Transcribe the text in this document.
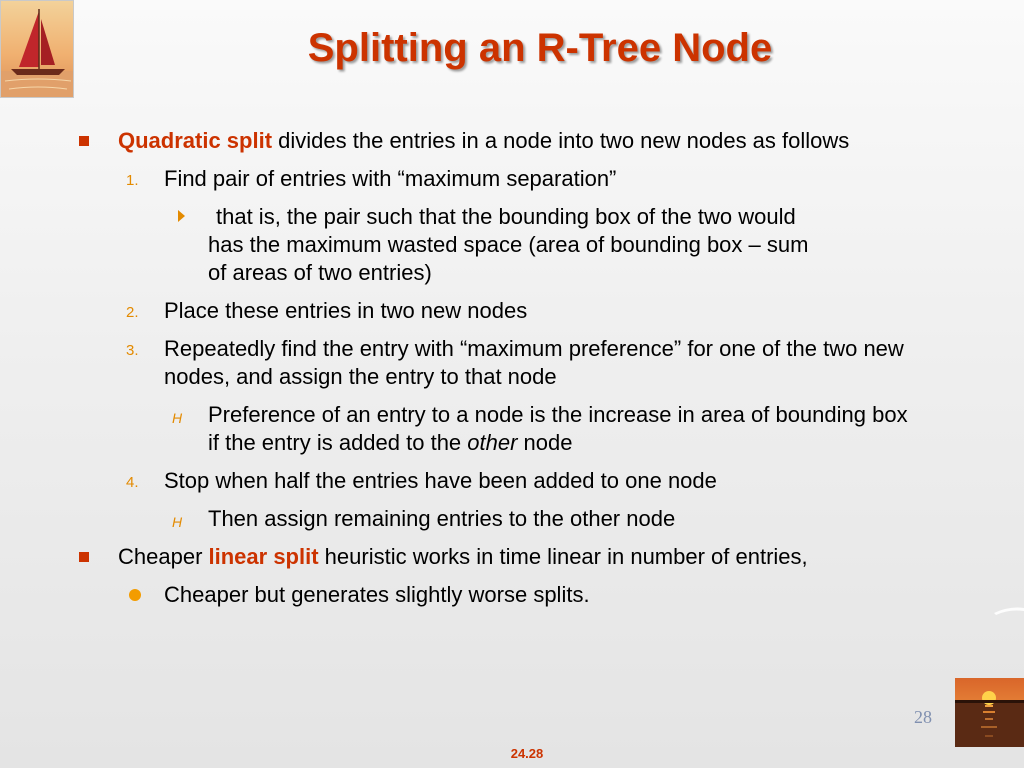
Splitting an R-Tree Node
Quadratic split divides the entries in a node into two new nodes as follows
1. Find pair of entries with “maximum separation”
that is, the pair such that the bounding box of the two would
has the maximum wasted space (area of bounding box – sum
of areas of two entries)
2. Place these entries in two new nodes
3. Repeatedly find the entry with “maximum preference” for one of the two new nodes, and assign the entry to that node
H Preference of an entry to a node is the increase in area of bounding box if the entry is added to the other node
4. Stop when half the entries have been added to one node
H Then assign remaining entries to the other node
Cheaper linear split heuristic works in time linear in number of entries,
Cheaper but generates slightly worse splits.
28
24.28
